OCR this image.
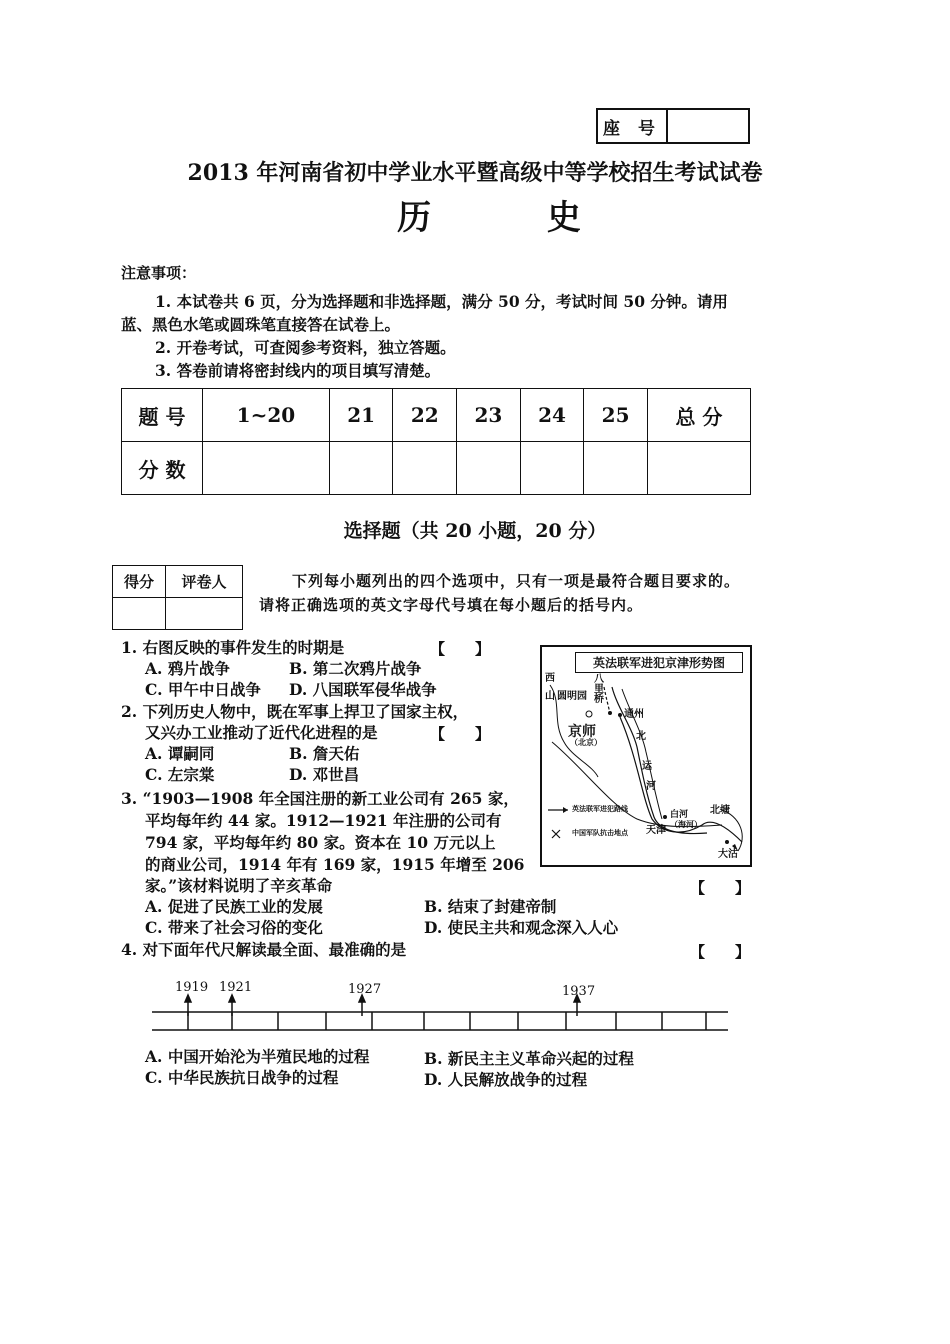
座 号
2013 年河南省初中学业水平暨高级中等学校招生考试试卷
历 史
注意事项：
1. 本试卷共 6 页，分为选择题和非选择题，满分 50 分，考试时间 50 分钟。请用
蓝、黑色水笔或圆珠笔直接答在试卷上。
2. 开卷考试，可查阅参考资料，独立答题。
3. 答卷前请将密封线内的项目填写清楚。
题 号	1~20	21	22	23	24	25	总 分
分 数							
选择题（共 20 小题，20 分）
得分	评卷人
		下列每小题列出的四个选项中，只有一项是最符合题目要求的。
请将正确选项的英文字母代号填在每小题后的括号内。
1. 右图反映的事件发生的时期是	【　　】
A. 鸦片战争	B. 第二次鸦片战争
C. 甲午中日战争 D. 八国联军侵华战争
2. 下列历史人物中，既在军事上捍卫了国家主权，
又兴办工业推动了近代化进程的是	【　　】
A. 谭嗣同	B. 詹天佑
C. 左宗棠	D. 邓世昌
3. “1903—1908 年全国注册的新工业公司有 265 家，
平均每年约 44 家。1912—1921 年注册的公司有
794 家，平均每年约 80 家。资本在 10 万元以上
的商业公司，1914 年有 169 家，1915 年增至 206
家。”该材料说明了辛亥革命	【　　】
A. 促进了民族工业的发展	B. 结束了封建帝制
C. 带来了社会习俗的变化	D. 使民主共和观念深入人心
4. 对下面年代尺解读最全面、最准确的是	【　　】
1919 1921	1927	1937
A. 中国开始沦为半殖民地的过程	B. 新民主主义革命兴起的过程
C. 中华民族抗日战争的过程	D. 人民解放战争的过程
英法联军进犯京津形势图
西
山 圆明园
八里桥
通州
京师
（北京）	北
运
河
白河
（海河）
天津
北塘
大沽
英法联军进犯路线
中国军队抗击地点
